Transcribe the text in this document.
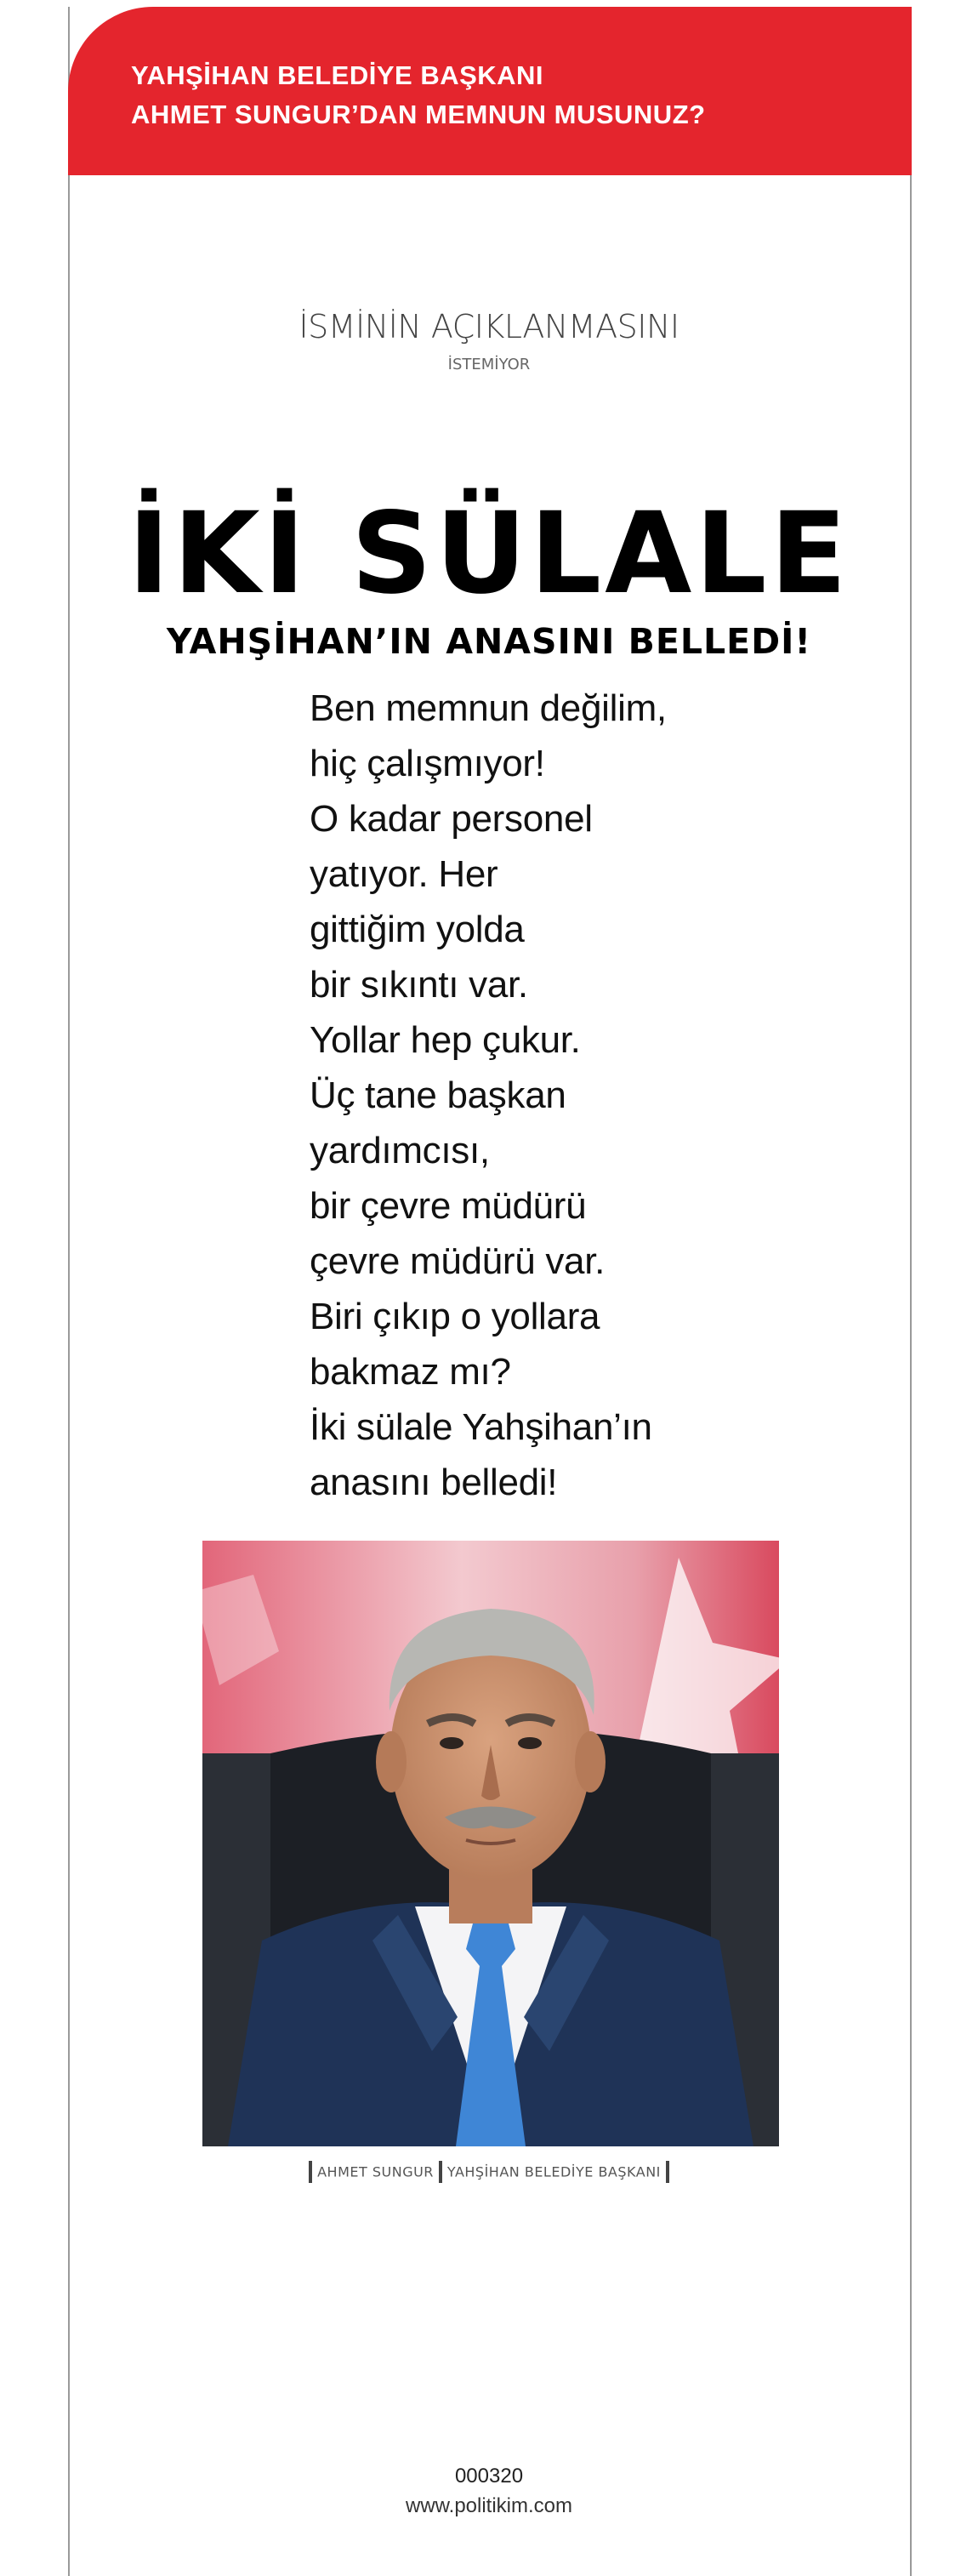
YAHŞİHAN BELEDİYE BAŞKANI
AHMET SUNGUR’DAN MEMNUN MUSUNUZ?
İSMİNİN AÇIKLANMASINI
İSTEMİYOR
İKİ SÜLALE
YAHŞİHAN’IN ANASINI BELLEDİ!
Ben memnun değilim,
hiç çalışmıyor!
O kadar personel
yatıyor. Her
gittiğim yolda
bir sıkıntı var.
Yollar hep çukur.
Üç tane başkan
yardımcısı,
bir çevre müdürü
çevre müdürü var.
Biri çıkıp o yollara
bakmaz mı?
İki sülale Yahşihan’ın
anasını belledi!
AHMET SUNGUR YAHŞİHAN BELEDİYE BAŞKANI
000320
www.politikim.com
